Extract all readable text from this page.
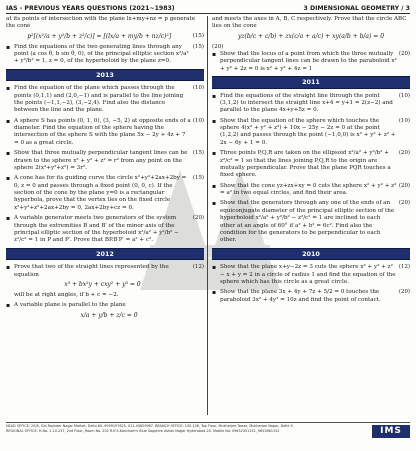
IAS - PREVIOUS YEARS QUESTIONS (2021~1983)	3 DIMENSIONAL GEOMETRY / 3
at its points of intersection with the plane lx+my+nz = p generate the cone
p²[(x²/a + y²/b + z²/c)] = [(lx/a + my/b + nz/c)²]	(15)
▪ Find the equations of the two generating lines through any point (a cos θ, b sin θ, 0), of the principal elliptic section x²/a² + y²/b² = 1, z = 0, of the hyperboloid by the plane z=0.
(15)
2013
▪ Find the equation of the plane which passes through the points (0,1,1) and (2,0,−1) and is parallel to the line joining the points (−1,1,−2), (3,−2,4). Find also the distance between the line and the plane.
(10)
▪ A sphere S has points (0, 1, 0), (3, −5, 2) at opposite ends of a diameter. Find the equation of the sphere having the intersection of the sphere S with the plane 5x − 2y + 4z + 7 = 0 as a great circle.
(10)
▪ Show that three mutually perpendicular tangent lines can be drawn to the sphere x² + y² + z² = r² from any point on the sphere 2(x²+y²+z²) = 3r².
(15)
▪ A cone has for its guiding curve the circle x²+y²+2ax+2by = 0, z = 0 and passes through a fixed point (0, 0, c). If the section of the cone by the plane y=0 is a rectangular hyperbola, prove that the vertex lies on the fixed circle x²+y²+z²+2ax+2by = 0, 2ax+2by+cz = 0.
(15)
▪ A variable generator meets two generators of the system through the extremities B and B′ of the minor axis of the principal elliptic section of the hyperboloid x²/a² + y²/b² − z²/c² = 1 in P and P′. Prove that BP.B′P′ = a² + c².
(20)
2012
▪ Prove that two of the straight lines represented by the equation
x³ + bx²y + cxy² + y³ = 0
will be at right angles, if b + c = −2.
(12)
▪ A variable plane is parallel to the plane
x/a + y/b + z/c = 0
and meets the axes in A, B, C respectively. Prove that the circle ABC lies on the cone
yz(b/c + c/b) + zx(c/a + a/c) + xy(a/b + b/a) = 0
(20)
▪ Show that the locus of a point from which the three mutually perpendicular tangent lines can be drawn to the paraboloid x² + y² + 2z = 0 is x² + y² + 4z = 1
(20)
2011
▪ Find the equations of the straight line through the point (3,1,2) to intersect the straight line x+4 = y+1 = 2(z−2) and parallel to the plane 4x+y+5z = 0.
(10)
▪ Show that the equation of the sphere which touches the sphere 4(x² + y² + z²) + 10x − 25y − 2z = 0 at the point (1,2,2) and passes through the point (−1,0,0) is x² + y² + z² + 2x − 6y + 1 = 0.
(10)
▪ Three points P,Q,R are taken on the ellipsoid x²/a² + y²/b² + z²/c² = 1 so that the lines joining P,Q,R to the origin are mutually perpendicular. Prove that the plane PQR touches a fixed sphere.
(20)
▪ Show that the cone yz+zx+xy = 0 cuts the sphere x² + y² + z² = a² in two equal circles, and find their area.
(20)
▪ Show that the generators through any one of the ends of an equiconjugate diameter of the principal elliptic section of the hyperboloid x²/a² + y²/b² − z²/c² = 1 are inclined to each other at an angle of 60° if a² + b² = 6c². Find also the condition for the generators to be perpendicular to each other.
(20)
2010
▪ Show that the plane x+y−2z = 3 cuts the sphere x² + y² + z² − x + y = 2 in a circle of radius 1 and find the equation of the sphere which has this circle as a great circle.
(12)
▪ Show that the plane 3x + 4y + 7z + 5/2 = 0 touches the paraboloid 3x² + 4y² = 10z and find the point of contact.
(20)
HEAD OFFICE: 25/8, Old Rajinder Nagar Market, Delhi-60. 9999197625, 011-45629987. BRANCH OFFICE: 105-106, Top Floor, Mukherjee Tower, Mukherjee Nagar, Delhi-9.
REGIONAL OFFICE: H.No. 1-10-237, 2nd Floor, Room No. 202 R.K'S-Kancham's Blue Sapphire Ashok Nagar Hyderabad-20. Mobile No: 09652351152, 9652661152	IMS
